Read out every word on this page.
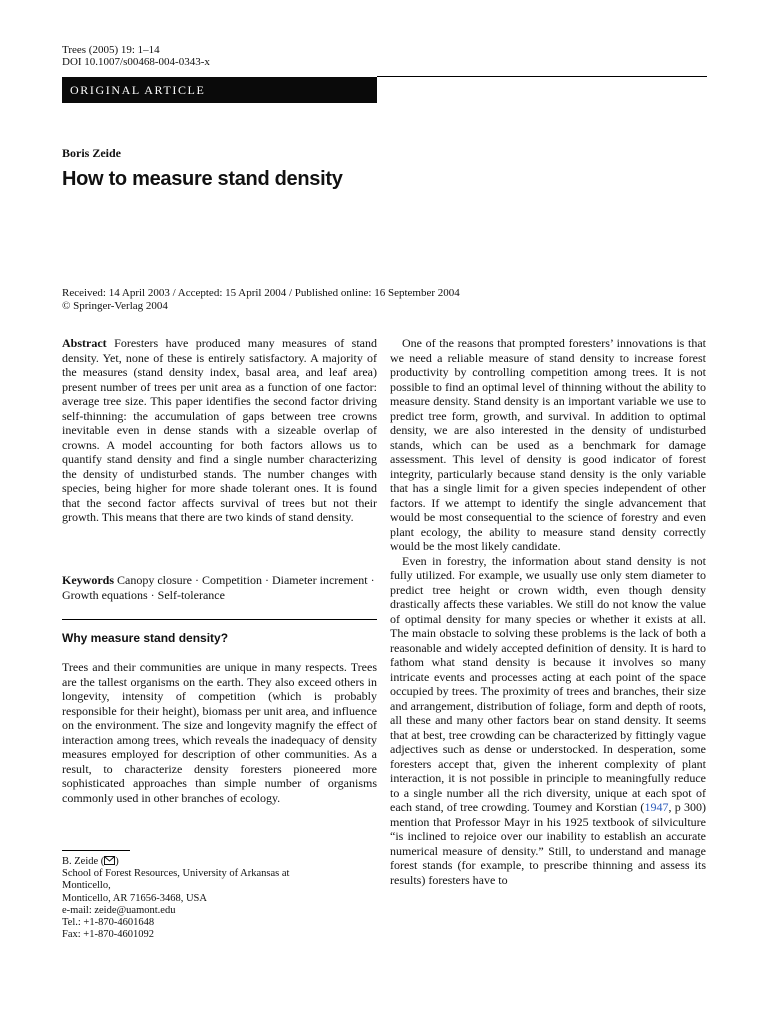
Trees (2005) 19: 1–14
DOI 10.1007/s00468-004-0343-x
ORIGINAL ARTICLE
Boris Zeide
How to measure stand density
Received: 14 April 2003 / Accepted: 15 April 2004 / Published online: 16 September 2004
© Springer-Verlag 2004

Abstract Foresters have produced many measures of stand density. Yet, none of these is entirely satisfactory. A majority of the measures (stand density index, basal area, and leaf area) present number of trees per unit area as a function of one factor: average tree size. This paper identifies the second factor driving self-thinning: the accumulation of gaps between tree crowns inevitable even in dense stands with a sizeable overlap of crowns. A model accounting for both factors allows us to quantify stand density and find a single number characterizing the density of undisturbed stands. The number changes with species, being higher for more shade tolerant ones. It is found that the second factor affects survival of trees but not their growth. This means that there are two kinds of stand density.

Keywords Canopy closure · Competition · Diameter increment · Growth equations · Self-tolerance

Why measure stand density?

Trees and their communities are unique in many respects. Trees are the tallest organisms on the earth. They also exceed others in longevity, intensity of competition (which is probably responsible for their height), biomass per unit area, and influence on the environment. The size and longevity magnify the effect of interaction among trees, which reveals the inadequacy of density measures employed for description of other communities. As a result, to characterize density foresters pioneered more sophisticated approaches than simple number of organisms commonly used in other branches of ecology.

B. Zeide ( )
School of Forest Resources, University of Arkansas at
Monticello,
Monticello, AR 71656-3468, USA
e-mail: zeide@uamont.edu
Tel.: +1-870-4601648
Fax: +1-870-4601092

One of the reasons that prompted foresters’ innovations is that we need a reliable measure of stand density to increase forest productivity by controlling competition among trees. It is not possible to find an optimal level of thinning without the ability to measure density. Stand density is an important variable we use to predict tree form, growth, and survival. In addition to optimal density, we are also interested in the density of undisturbed stands, which can be used as a benchmark for damage assessment. This level of density is good indicator of forest integrity, particularly because stand density is the only variable that has a single limit for a given species independent of other factors. If we attempt to identify the single advancement that would be most consequential to the science of forestry and even plant ecology, the ability to measure stand density correctly would be the most likely candidate.

Even in forestry, the information about stand density is not fully utilized. For example, we usually use only stem diameter to predict tree height or crown width, even though density drastically affects these variables. We still do not know the value of optimal density for many species or whether it exists at all. The main obstacle to solving these problems is the lack of both a reasonable and widely accepted definition of density. It is hard to fathom what stand density is because it involves so many intricate events and processes acting at each point of the space occupied by trees. The proximity of trees and branches, their size and arrangement, distribution of foliage, form and depth of roots, all these and many other factors bear on stand density. It seems that at best, tree crowding can be characterized by fittingly vague adjectives such as dense or understocked. In desperation, some foresters accept that, given the inherent complexity of plant interaction, it is not possible in principle to meaningfully reduce to a single number all the rich diversity, unique at each spot of each stand, of tree crowding. Toumey and Korstian (1947, p 300) mention that Professor Mayr in his 1925 textbook of silviculture “is inclined to rejoice over our inability to establish an accurate numerical measure of density.” Still, to understand and manage forest stands (for example, to prescribe thinning and assess its results) foresters have to
